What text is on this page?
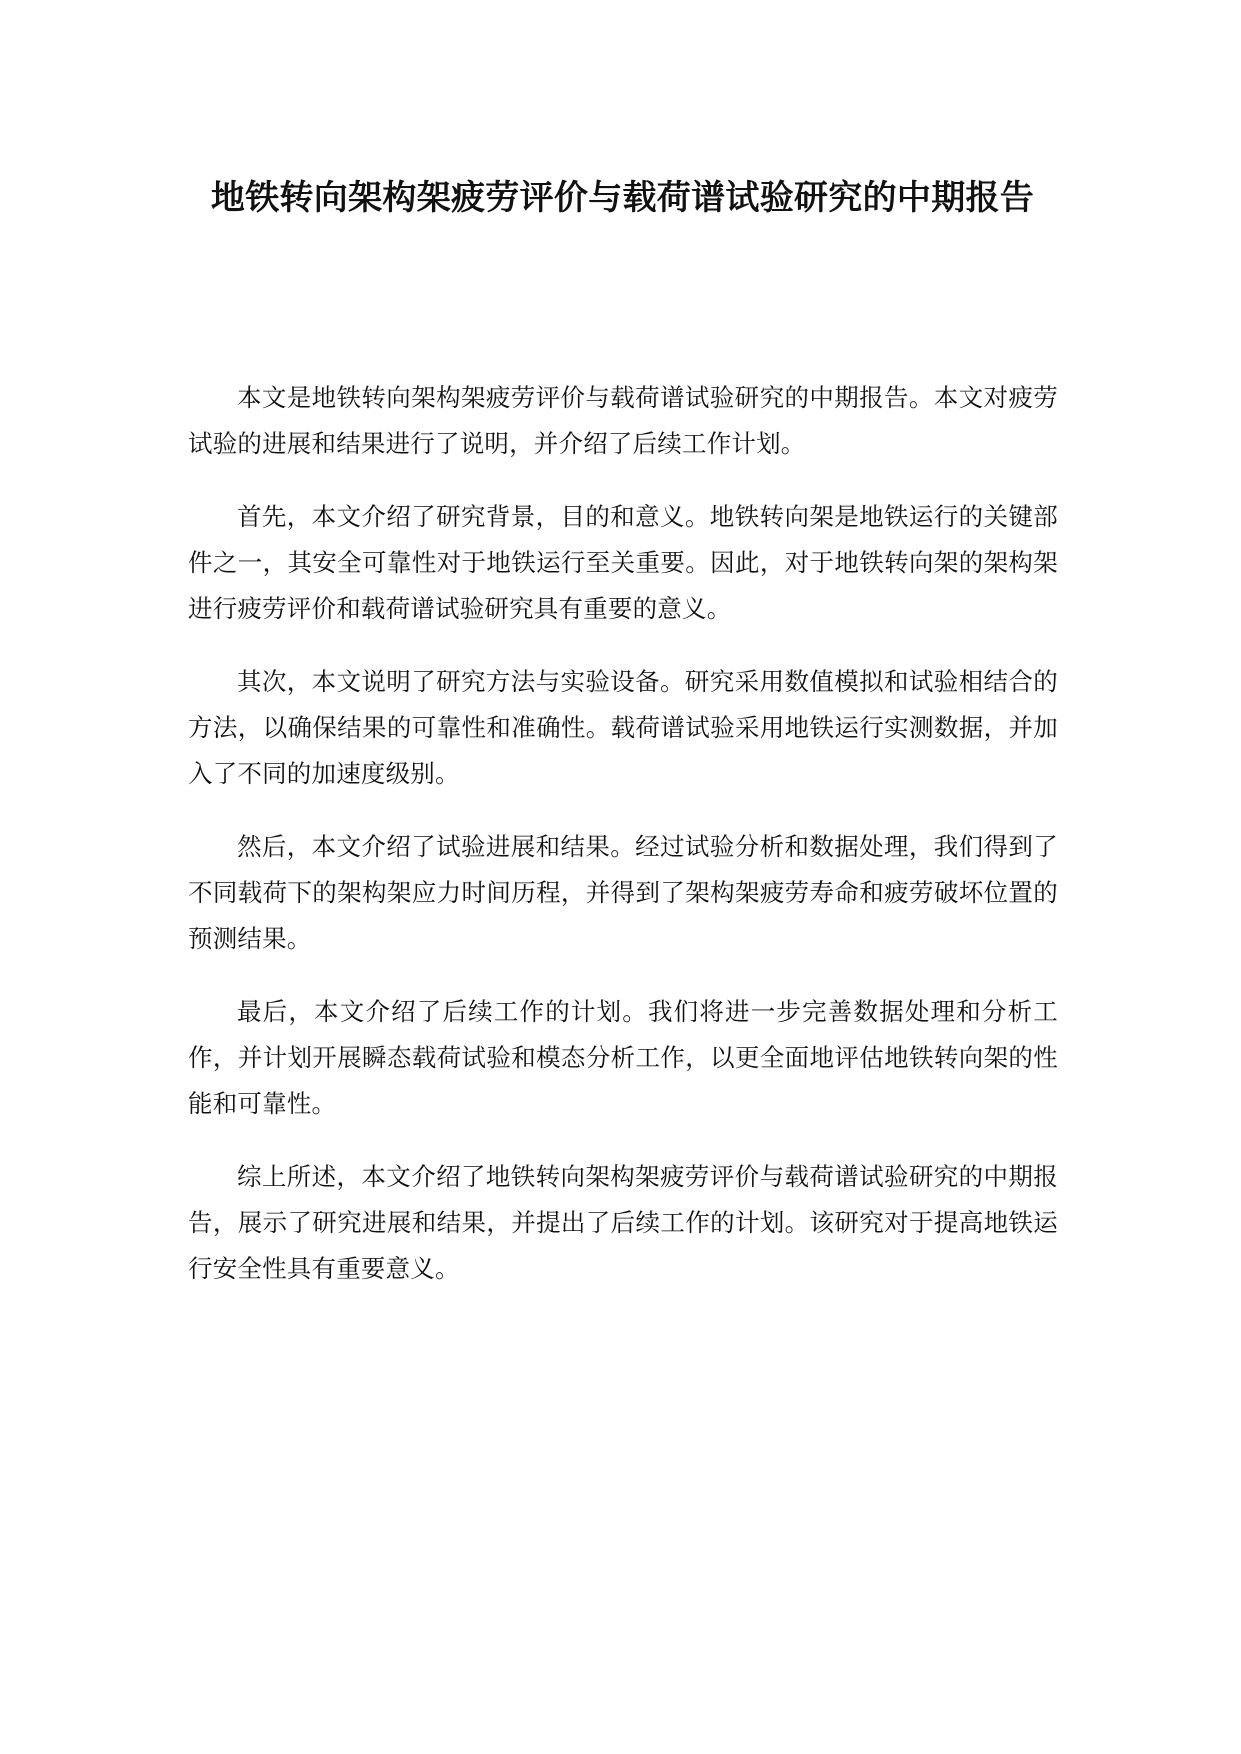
地铁转向架构架疲劳评价与载荷谱试验研究的中期报告

本文是地铁转向架构架疲劳评价与载荷谱试验研究的中期报告。本文对疲劳试验的进展和结果进行了说明，并介绍了后续工作计划。

首先，本文介绍了研究背景，目的和意义。地铁转向架是地铁运行的关键部件之一，其安全可靠性对于地铁运行至关重要。因此，对于地铁转向架的架构架进行疲劳评价和载荷谱试验研究具有重要的意义。

其次，本文说明了研究方法与实验设备。研究采用数值模拟和试验相结合的方法，以确保结果的可靠性和准确性。载荷谱试验采用地铁运行实测数据，并加入了不同的加速度级别。

然后，本文介绍了试验进展和结果。经过试验分析和数据处理，我们得到了不同载荷下的架构架应力时间历程，并得到了架构架疲劳寿命和疲劳破坏位置的预测结果。

最后，本文介绍了后续工作的计划。我们将进一步完善数据处理和分析工作，并计划开展瞬态载荷试验和模态分析工作，以更全面地评估地铁转向架的性能和可靠性。

综上所述，本文介绍了地铁转向架构架疲劳评价与载荷谱试验研究的中期报告，展示了研究进展和结果，并提出了后续工作的计划。该研究对于提高地铁运行安全性具有重要意义。
